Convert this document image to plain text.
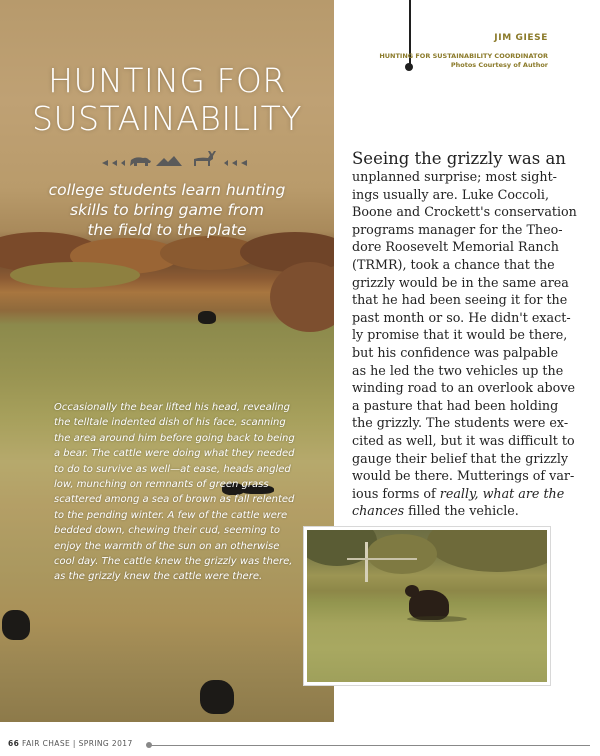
HUNTING FOR
SUSTAINABILITY
college students learn hunting
skills to bring game from
the field to the plate
Occasionally the bear lifted his head, revealing the telltale indented dish of his face, scanning the area around him before going back to being a bear. The cattle were doing what they needed to do to survive as well—at ease, heads angled low, munching on remnants of green grass scattered among a sea of brown as fall relented to the pending winter. A few of the cattle were bedded down, chewing their cud, seeming to enjoy the warmth of the sun on an otherwise cool day. The cattle knew the grizzly was there, as the grizzly knew the cattle were there.
JIM GIESE
HUNTING FOR SUSTAINABILITY COORDINATOR
Photos Courtesy of Author
Seeing the grizzly was an
unplanned surprise; most sight-
ings usually are. Luke Coccoli,
Boone and Crockett's conservation
programs manager for the Theo-
dore Roosevelt Memorial Ranch
(TRMR), took a chance that the
grizzly would be in the same area
that he had been seeing it for the
past month or so. He didn't exact-
ly promise that it would be there,
but his confidence was palpable
as he led the two vehicles up the
winding road to an overlook above
a pasture that had been holding
the grizzly. The students were ex-
cited as well, but it was difficult to
gauge their belief that the grizzly
would be there. Mutterings of var-
ious forms of really, what are the
chances filled the vehicle.
66 FAIR CHASE | SPRING 2017
